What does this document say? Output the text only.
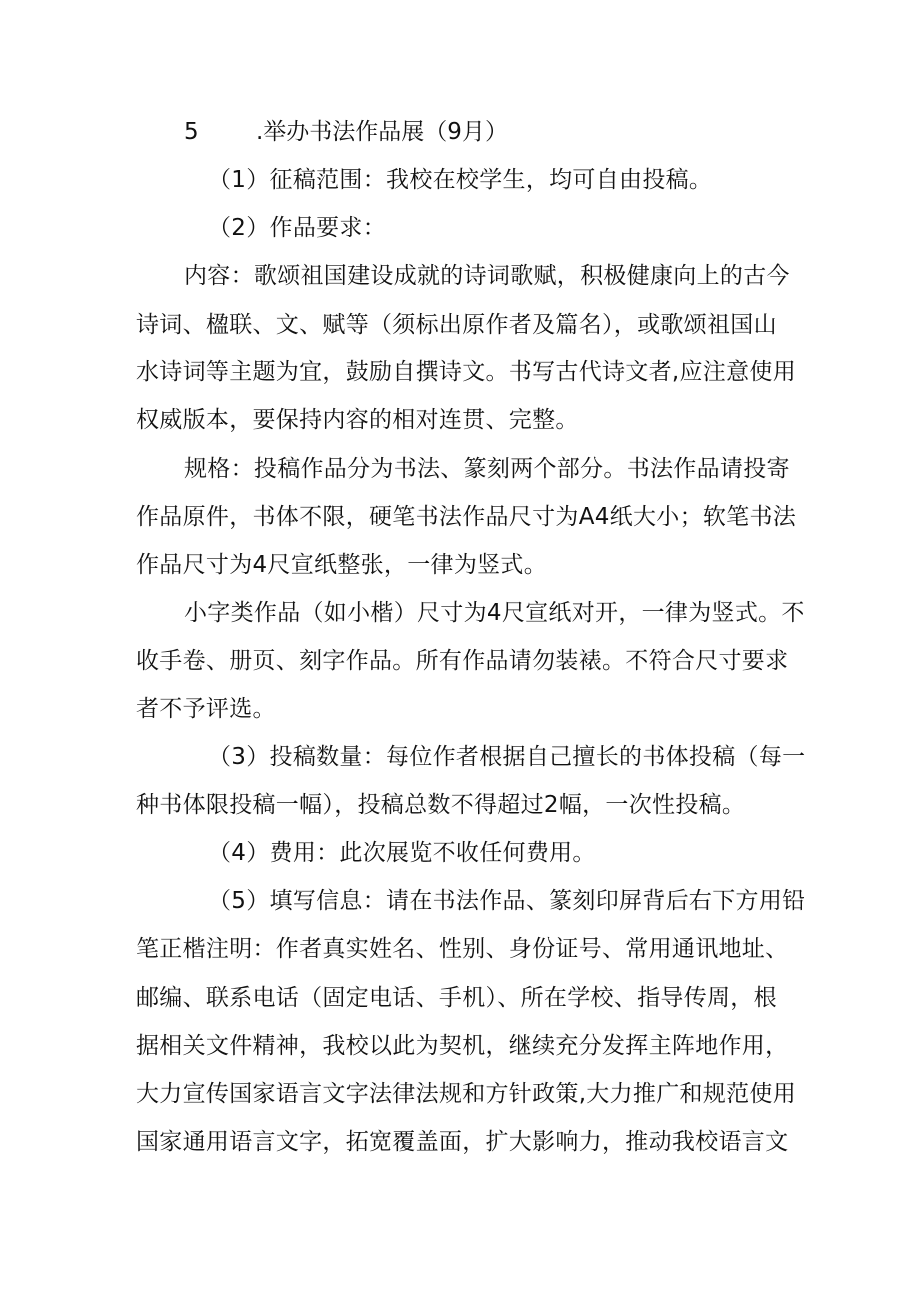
5 .举办书法作品展（9月）
（1）征稿范围：我校在校学生，均可自由投稿。
（2）作品要求：
内容：歌颂祖国建设成就的诗词歌赋，积极健康向上的古今
诗词、楹联、文、赋等（须标出原作者及篇名），或歌颂祖国山
水诗词等主题为宜，鼓励自撰诗文。书写古代诗文者,应注意使用
权威版本，要保持内容的相对连贯、完整。
规格：投稿作品分为书法、篆刻两个部分。书法作品请投寄
作品原件，书体不限，硬笔书法作品尺寸为A4纸大小；软笔书法
作品尺寸为4尺宣纸整张，一律为竖式。
小字类作品（如小楷）尺寸为4尺宣纸对开，一律为竖式。不
收手卷、册页、刻字作品。所有作品请勿装裱。不符合尺寸要求
者不予评选。
（3）投稿数量：每位作者根据自己擅长的书体投稿（每一
种书体限投稿一幅），投稿总数不得超过2幅，一次性投稿。
（4）费用：此次展览不收任何费用。
（5）填写信息：请在书法作品、篆刻印屏背后右下方用铅
笔正楷注明：作者真实姓名、性别、身份证号、常用通讯地址、
邮编、联系电话（固定电话、手机）、所在学校、指导传周，根
据相关文件精神，我校以此为契机，继续充分发挥主阵地作用，
大力宣传国家语言文字法律法规和方针政策,大力推广和规范使用
国家通用语言文字，拓宽覆盖面，扩大影响力，推动我校语言文
